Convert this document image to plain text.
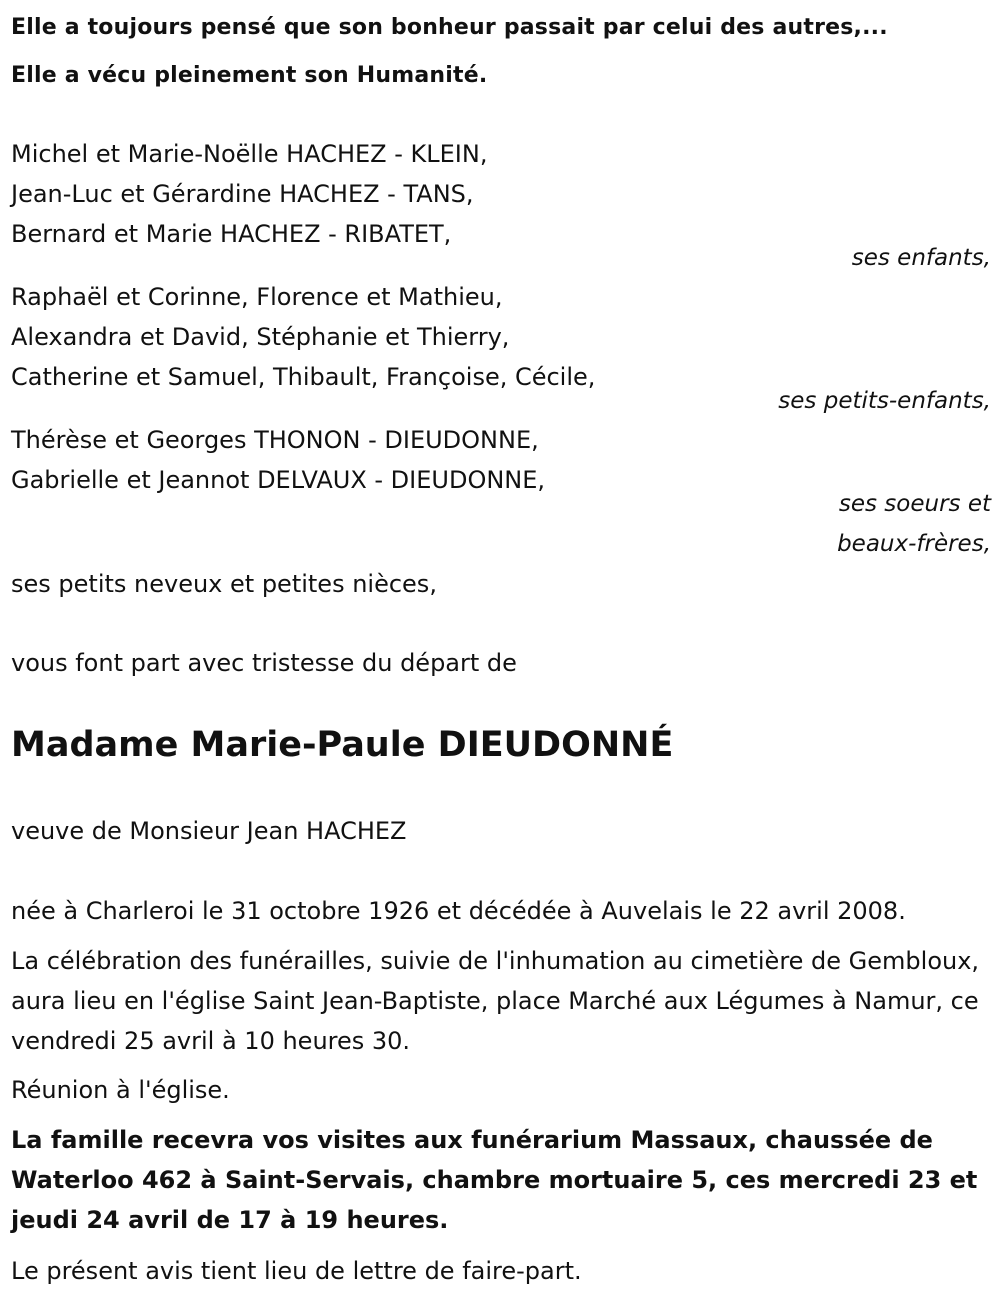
Elle a toujours pensé que son bonheur passait par celui des autres,...
Elle a vécu pleinement son Humanité.
Michel et Marie-Noëlle HACHEZ - KLEIN,
Jean-Luc et Gérardine HACHEZ - TANS,
Bernard et Marie HACHEZ - RIBATET,
ses enfants,
Raphaël et Corinne, Florence et Mathieu,
Alexandra et David, Stéphanie et Thierry,
Catherine et Samuel, Thibault, Françoise, Cécile,
ses petits-enfants,
Thérèse et Georges THONON - DIEUDONNE,
Gabrielle et Jeannot DELVAUX - DIEUDONNE,
ses soeurs et
beaux-frères,
ses petits neveux et petites nièces,
vous font part avec tristesse du départ de
Madame Marie-Paule DIEUDONNÉ
veuve de Monsieur Jean HACHEZ
née à Charleroi le 31 octobre 1926 et décédée à Auvelais le 22 avril 2008.
La célébration des funérailles, suivie de l'inhumation au cimetière de Gembloux, aura lieu en l'église Saint Jean-Baptiste, place Marché aux Légumes à Namur, ce vendredi 25 avril à 10 heures 30.
Réunion à l'église.
La famille recevra vos visites aux funérarium Massaux, chaussée de Waterloo 462 à Saint-Servais, chambre mortuaire 5, ces mercredi 23 et jeudi 24 avril de 17 à 19 heures.
Le présent avis tient lieu de lettre de faire-part.
